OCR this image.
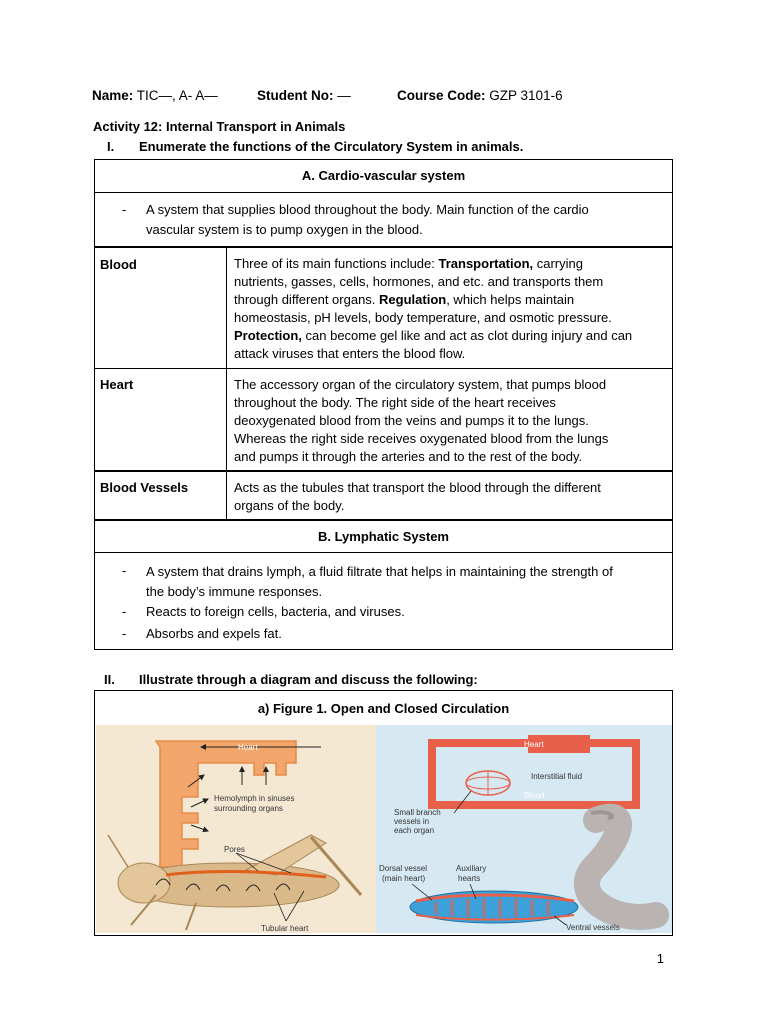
Name: TIC—, A- A—	Student No: —	Course Code: GZP 3101-6
Activity 12: Internal Transport in Animals
I. Enumerate the functions of the Circulatory System in animals.
A. Cardio-vascular system
- A system that supplies blood throughout the body. Main function of the cardio
vascular system is to pump oxygen in the blood.
Blood	Three of its main functions include: Transportation, carrying
nutrients, gasses, cells, hormones, and etc. and transports them
through different organs. Regulation, which helps maintain
homeostasis, pH levels, body temperature, and osmotic pressure.
Protection, can become gel like and act as clot during injury and can
attack viruses that enters the blood flow.
Heart	The accessory organ of the circulatory system, that pumps blood
throughout the body. The right side of the heart receives
deoxygenated blood from the veins and pumps it to the lungs.
Whereas the right side receives oxygenated blood from the lungs
and pumps it through the arteries and to the rest of the body.
Blood Vessels	Acts as the tubules that transport the blood through the different
organs of the body.
B. Lymphatic System
- A system that drains lymph, a fluid filtrate that helps in maintaining the strength of
the body’s immune responses.
- Reacts to foreign cells, bacteria, and viruses.
- Absorbs and expels fat.
II. Illustrate through a diagram and discuss the following:
a) Figure 1. Open and Closed Circulation
Heart
Hemolymph in sinuses
surrounding organs
Pores
Tubular heart
Heart
Interstitial fluid
Blood
Small branch
vessels in
each organ
Dorsal vessel
(main heart)
Auxiliary
hearts
Ventral vessels
1
